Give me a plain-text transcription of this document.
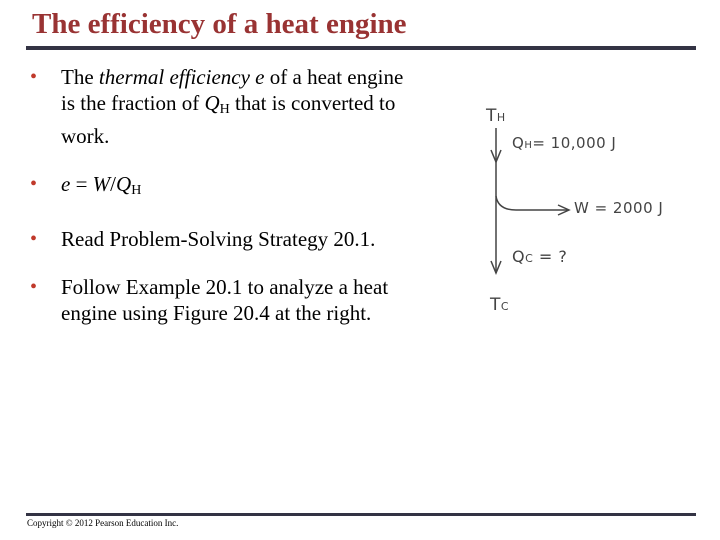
The efficiency of a heat engine
• The thermal efficiency e of a heat engine is the fraction of $Q_H$ that is converted to work.
• $e = W/Q_H$
• Read Problem-Solving Strategy 20.1.
• Follow Example 20.1 to analyze a heat engine using Figure 20.4 at the right.
TH
QH= 10,000 J
W = 2000 J
QC = ?
TC
Copyright © 2012 Pearson Education Inc.
